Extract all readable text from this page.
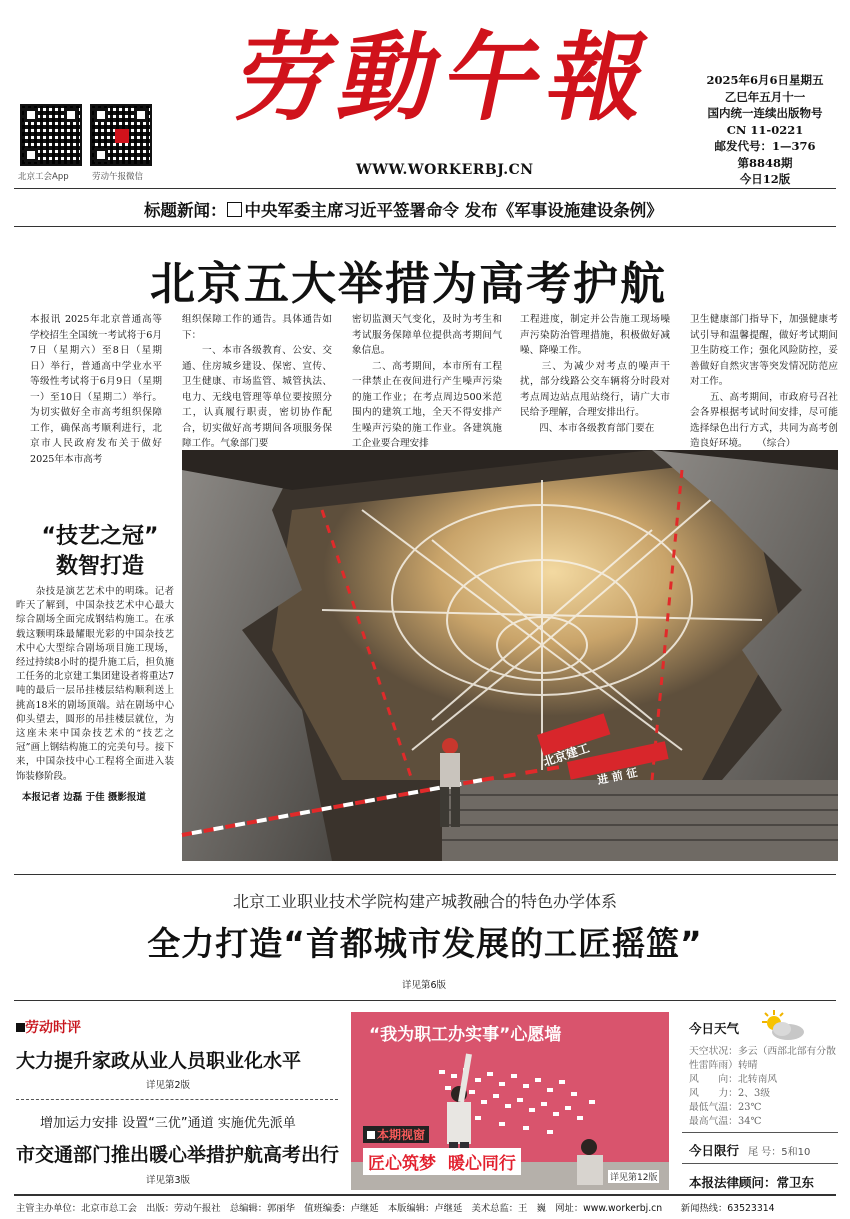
北京工会App	劳动午报微信
劳動午報
WWW.WORKERBJ.CN
2025年6月6日星期五
乙巳年五月十一
国内统一连续出版物号
CN 11-0221
邮发代号：1—376
第8848期
今日12版
标题新闻： 中央军委主席习近平签署命令 发布《军事设施建设条例》
北京五大举措为高考护航
本报讯 2025年北京普通高等学校招生全国统一考试将于6月7日（星期六）至8日（星期日）举行，普通高中学业水平等级性考试将于6月9日（星期一）至10日（星期二）举行。为切实做好全市高考组织保障工作，确保高考顺利进行，北京市人民政府发布关于做好2025年本市高考
组织保障工作的通告。具体通告如下：
　　一、本市各级教育、公安、交通、住房城乡建设、保密、宣传、卫生健康、市场监管、城管执法、电力、无线电管理等单位要按照分工，认真履行职责，密切协作配合，切实做好高考期间各项服务保障工作。气象部门要
密切监测天气变化，及时为考生和考试服务保障单位提供高考期间气象信息。
　　二、高考期间，本市所有工程一律禁止在夜间进行产生噪声污染的施工作业；在考点周边500米范围内的建筑工地，全天不得安排产生噪声污染的施工作业。各建筑施工企业要合理安排
工程进度，制定并公告施工现场噪声污染防治管理措施，积极做好减噪、降噪工作。
　　三、为减少对考点的噪声干扰，部分线路公交车辆将分时段对考点周边站点甩站绕行，请广大市民给予理解，合理安排出行。
　　四、本市各级教育部门要在
卫生健康部门指导下，加强健康考试引导和温馨提醒，做好考试期间卫生防疫工作；强化风险防控，妥善做好自然灾害等突发情况防范应对工作。
　　五、高考期间，市政府号召社会各界根据考试时间安排，尽可能选择绿色出行方式，共同为高考创造良好环境。　　（综合）
“技艺之冠”
数智打造
　　杂技是演艺艺术中的明珠。记者昨天了解到，中国杂技艺术中心最大综合剧场全面完成钢结构施工。在承载这颗明珠最耀眼光彩的中国杂技艺术中心大型综合剧场项目施工现场，经过持续8小时的提升施工后，担负施工任务的北京建工集团建设者将重达7吨的最后一层吊挂楼层结构顺利送上挑高18米的剧场顶端。站在剧场中心仰头望去，圆形的吊挂楼层就位，为这座未来中国杂技艺术的“技艺之冠”画上钢结构施工的完美句号。接下来，中国杂技中心工程将全面进入装饰装修阶段。
本报记者 边磊 于佳 摄影报道
北京建工
进 前 征
北京工业职业技术学院构建产城教融合的特色办学体系
全力打造“首都城市发展的工匠摇篮”
详见第6版
劳动时评
大力提升家政从业人员职业化水平
详见第2版
增加运力安排 设置“三优”通道 实施优先派单
市交通部门推出暖心举措护航高考出行
详见第3版
“我为职工办实事”心愿墙
本期视窗
匠心筑梦  暖心同行
详见第12版
今日天气
天空状况：多云（西部北部有分散性雷阵雨）转晴
风　　向：北转南风
风　　力：2、3级
最低气温：23℃
最高气温：34℃
今日限行 尾 号：5和10
本报法律顾问：常卫东
主管主办单位：北京市总工会　出版：劳动午报社　总编辑：郭丽华　值班编委：卢继延　本版编辑：卢继延　美术总监：王　巍　网址：www.workerbj.cn　　新闻热线：63523314
